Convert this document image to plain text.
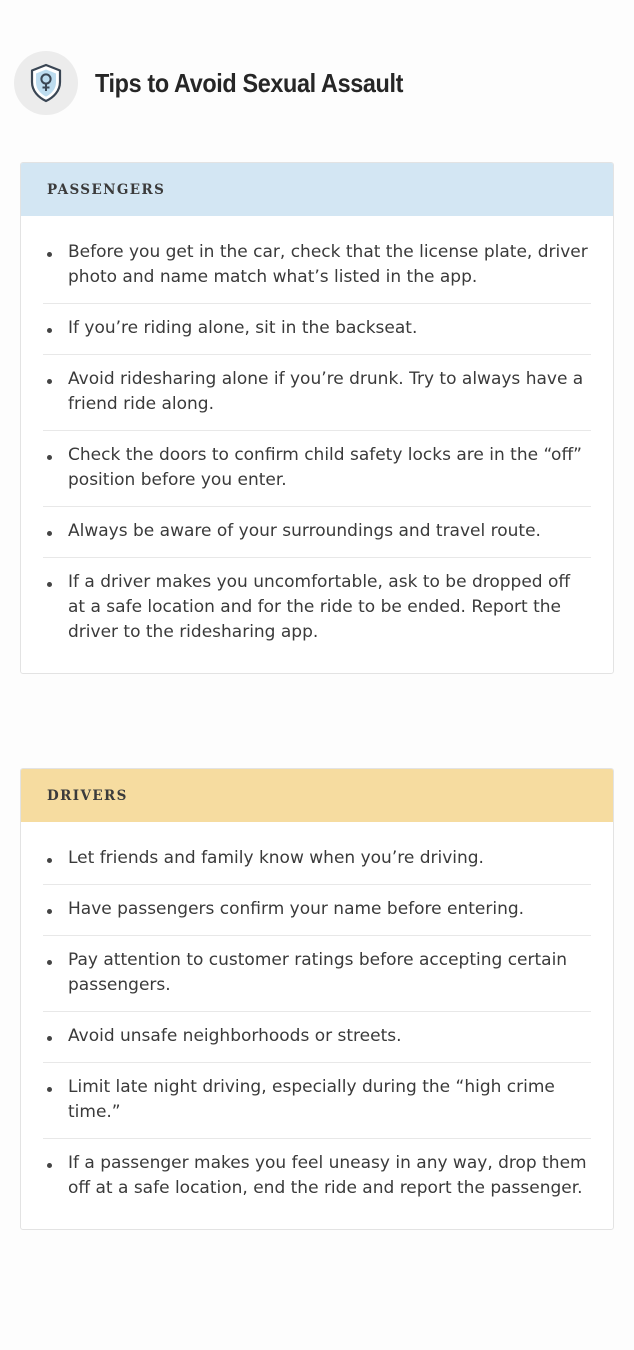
Tips to Avoid Sexual Assault
PASSENGERS
Before you get in the car, check that the license plate, driver photo and name match what’s listed in the app.
If you’re riding alone, sit in the backseat.
Avoid ridesharing alone if you’re drunk. Try to always have a friend ride along.
Check the doors to confirm child safety locks are in the “off” position before you enter.
Always be aware of your surroundings and travel route.
If a driver makes you uncomfortable, ask to be dropped off at a safe location and for the ride to be ended. Report the driver to the ridesharing app.
DRIVERS
Let friends and family know when you’re driving.
Have passengers confirm your name before entering.
Pay attention to customer ratings before accepting certain passengers.
Avoid unsafe neighborhoods or streets.
Limit late night driving, especially during the “high crime time.”
If a passenger makes you feel uneasy in any way, drop them off at a safe location, end the ride and report the passenger.
